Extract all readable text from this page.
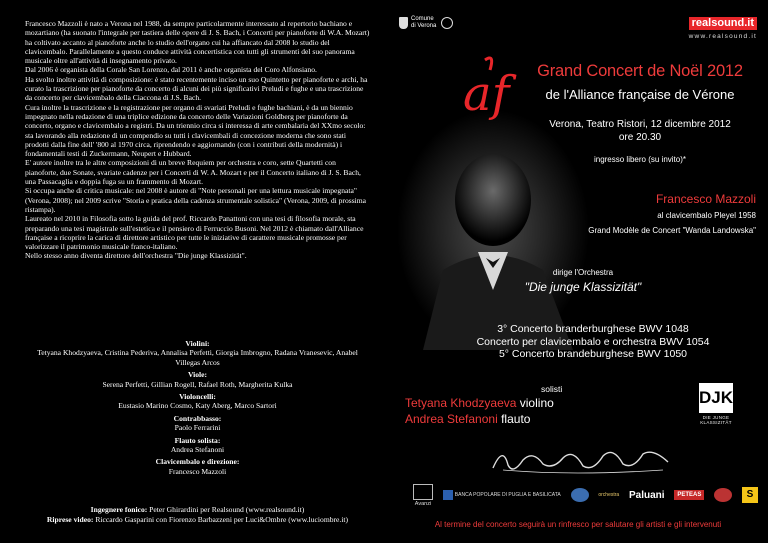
Francesco Mazzoli è nato a Verona nel 1988, da sempre particolarmente interessato al repertorio bachiano e mozartiano (ha suonato l'integrale per tastiera delle opere di J. S. Bach, i Concerti per pianoforte di W.A. Mozart) ha coltivato accanto al pianoforte anche lo studio dell'organo cui ha affiancato dal 2008 lo studio del clavicembalo. Parallelamente a questo conduce attività concertistica con tutti gli strumenti del suo panorama musicale oltre all'attività di insegnamento privato.

Dal 2006 è organista della Corale San Lorenzo, dal 2011 è anche organista del Coro Alfonsiano.

Ha svolto inoltre attività di composizione: è stato recentemente inciso un suo Quintetto per pianoforte e archi, ha curato la trascrizione per pianoforte da concerto di alcuni dei più significativi Preludi e fughe e una trascrizione da concerto per clavicembalo della Ciaccona di J.S. Bach.

Cura inoltre la trascrizione e la registrazione per organo di svariati Preludi e fughe bachiani, è da un biennio impegnato nella redazione di una triplice edizione da concerto delle Variazioni Goldberg per pianoforte da concerto, organo e clavicembalo a registri. Da un triennio circa si interessa di arte cembalaria del XXmo secolo: sta lavorando alla redazione di un compendio su tutti i clavicembali di concezione moderna che sono stati prodotti dalla fine dell' '800 al 1970 circa, riprendendo e aggiornando (con i contributi della modernità) i fondamentali testi di Zuckermann, Neupert e Hubbard.

E' autore inoltre tra le altre composizioni di un breve Requiem per orchestra e coro, sette Quartetti con pianoforte, due Sonate, svariate cadenze per i Concerti di W. A. Mozart e per il Concerto italiano di J. S. Bach, una Passacaglia e doppia fuga su un frammento di Mozart.

Si occupa anche di critica musicale: nel 2008 è autore di "Note personali per una lettura musicale impegnata" (Verona, 2008); nel 2009 scrive "Storia e pratica della cadenza strumentale solistica" (Verona, 2009, di prossima ristampa).

Laureato nel 2010 in Filosofia sotto la guida del prof. Riccardo Panattoni con una tesi di filosofia morale, sta preparando una tesi magistrale sull'estetica e il pensiero di Ferruccio Busoni. Nel 2012 è chiamato dall'Alliance française a ricoprire la carica di direttore artistico per tutte le iniziative di carattere musicale promosse per valorizzare il patrimonio musicale franco-italiano.

Nello stesso anno diventa direttore dell'orchestra "Die junge Klassizität".

Violini:
Tetyana Khodzyaeva, Cristina Pederiva, Annalisa Perfetti, Giorgia Imbrogno, Radana Vranesevic, Anabel Villegas Arcos
Viole:
Serena Perfetti, Gillian Rogell, Rafael Roth, Margherita Kulka
Violoncelli:
Eustasio Marino Cosmo, Katy Aberg, Marco Sartori
Contrabbasso:
Paolo Ferrarini
Flauto solista:
Andrea Stefanoni
Clavicembalo e direzione:
Francesco Mazzoli
Ingegnere fonico: Peter Ghirardini per Realsound (www.realsound.it)
Riprese video: Riccardo Gasparini con Fiorenzo Barbazzeni per Luci&Ombre (www.luciombre.it)
Comune
di Verona	realsound.it
www.realsound.it
af	Grand Concert de Noël 2012
de l'Alliance française de Vérone
Verona, Teatro Ristori, 12 dicembre 2012
ore 20.30
ingresso libero (su invito)*
Francesco Mazzoli
al clavicembalo Pleyel 1958
Grand Modèle de Concert "Wanda Landowska"
dirige l'Orchestra
"Die junge Klassizität"
3° Concerto branderburghese BWV 1048
Concerto per clavicembalo e orchestra BWV 1054
5° Concerto brandeburghese BWV 1050
solisti
Tetyana Khodzyaeva violino
Andrea Stefanoni flauto
DJK
DIE JUNGE KLASSIZITÄT
Avanzi
BANCA POPOLARE DI PUGLIA E BASILICATA	orchestra Paluani	PETEAS	S
Al termine del concerto seguirà un rinfresco per salutare gli artisti e gli intervenuti
